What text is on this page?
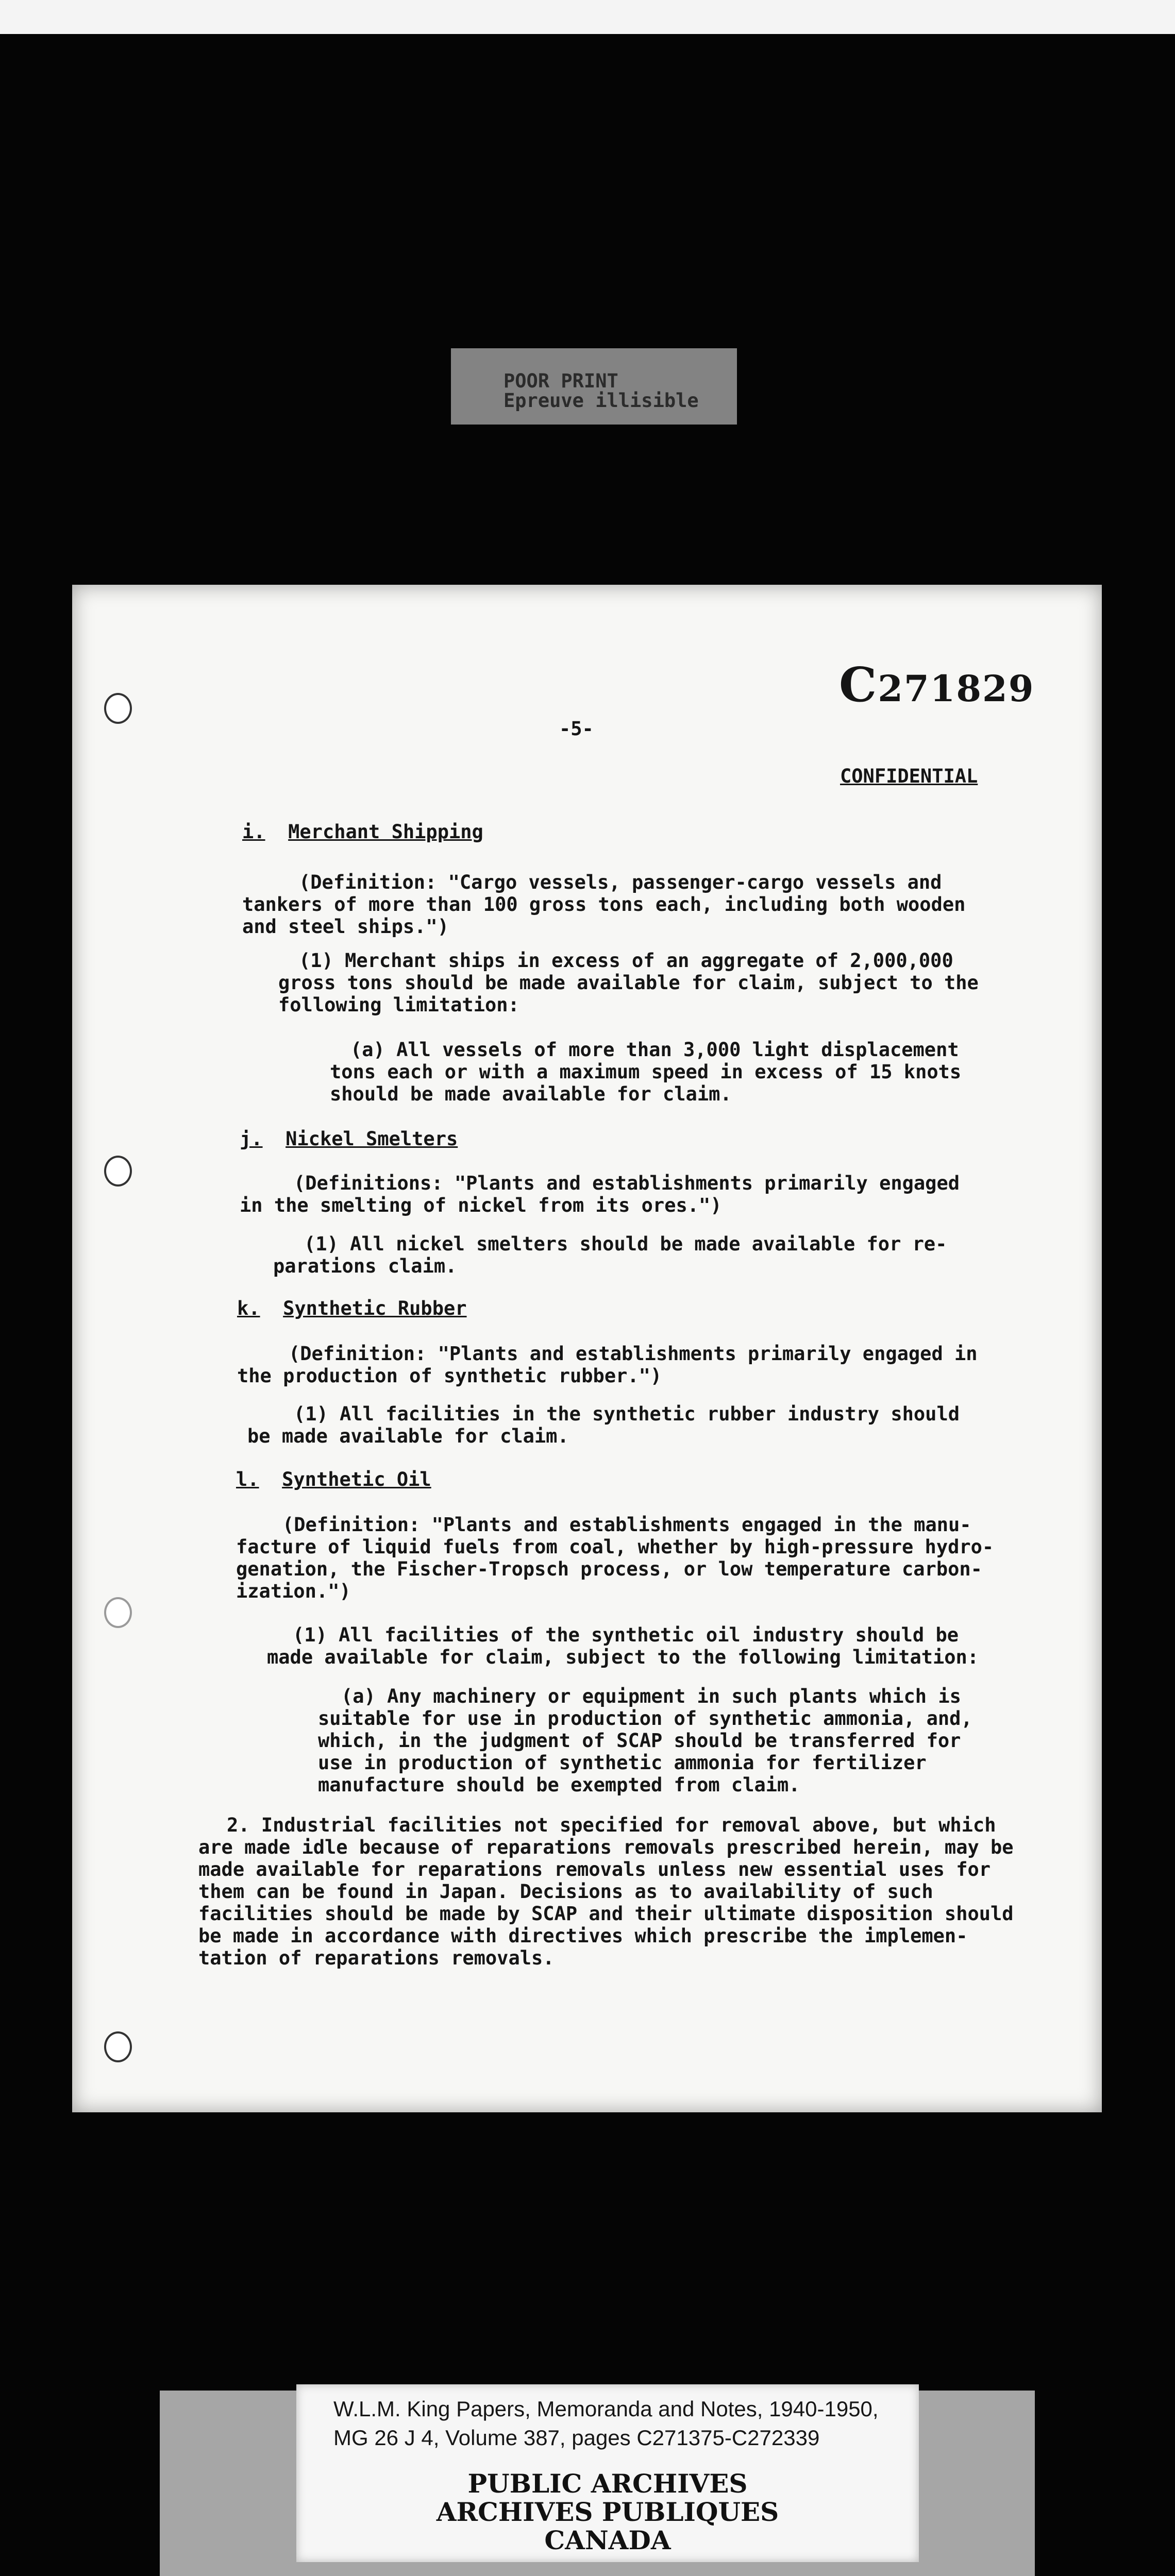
POOR PRINT
Epreuve illisible
C271829
-5-
CONFIDENTIAL
i. Merchant Shipping
(Definition: "Cargo vessels, passenger-cargo vessels and
tankers of more than 100 gross tons each, including both wooden
and steel ships.")
(1) Merchant ships in excess of an aggregate of 2,000,000
gross tons should be made available for claim, subject to the
following limitation:
(a) All vessels of more than 3,000 light displacement
tons each or with a maximum speed in excess of 15 knots
should be made available for claim.
j. Nickel Smelters
(Definitions: "Plants and establishments primarily engaged
in the smelting of nickel from its ores.")
(1) All nickel smelters should be made available for re-
parations claim.
k. Synthetic Rubber
(Definition: "Plants and establishments primarily engaged in
the production of synthetic rubber.")
(1) All facilities in the synthetic rubber industry should
be made available for claim.
l. Synthetic Oil
(Definition: "Plants and establishments engaged in the manu-
facture of liquid fuels from coal, whether by high-pressure hydro-
genation, the Fischer-Tropsch process, or low temperature carbon-
ization.")
(1) All facilities of the synthetic oil industry should be
made available for claim, subject to the following limitation:
(a) Any machinery or equipment in such plants which is
suitable for use in production of synthetic ammonia, and,
which, in the judgment of SCAP should be transferred for
use in production of synthetic ammonia for fertilizer
manufacture should be exempted from claim.
2. Industrial facilities not specified for removal above, but which
are made idle because of reparations removals prescribed herein, may be
made available for reparations removals unless new essential uses for
them can be found in Japan. Decisions as to availability of such
facilities should be made by SCAP and their ultimate disposition should
be made in accordance with directives which prescribe the implemen-
tation of reparations removals.
W.L.M. King Papers, Memoranda and Notes, 1940-1950,
MG 26 J 4, Volume 387, pages C271375-C272339
PUBLIC ARCHIVES
ARCHIVES PUBLIQUES
CANADA
